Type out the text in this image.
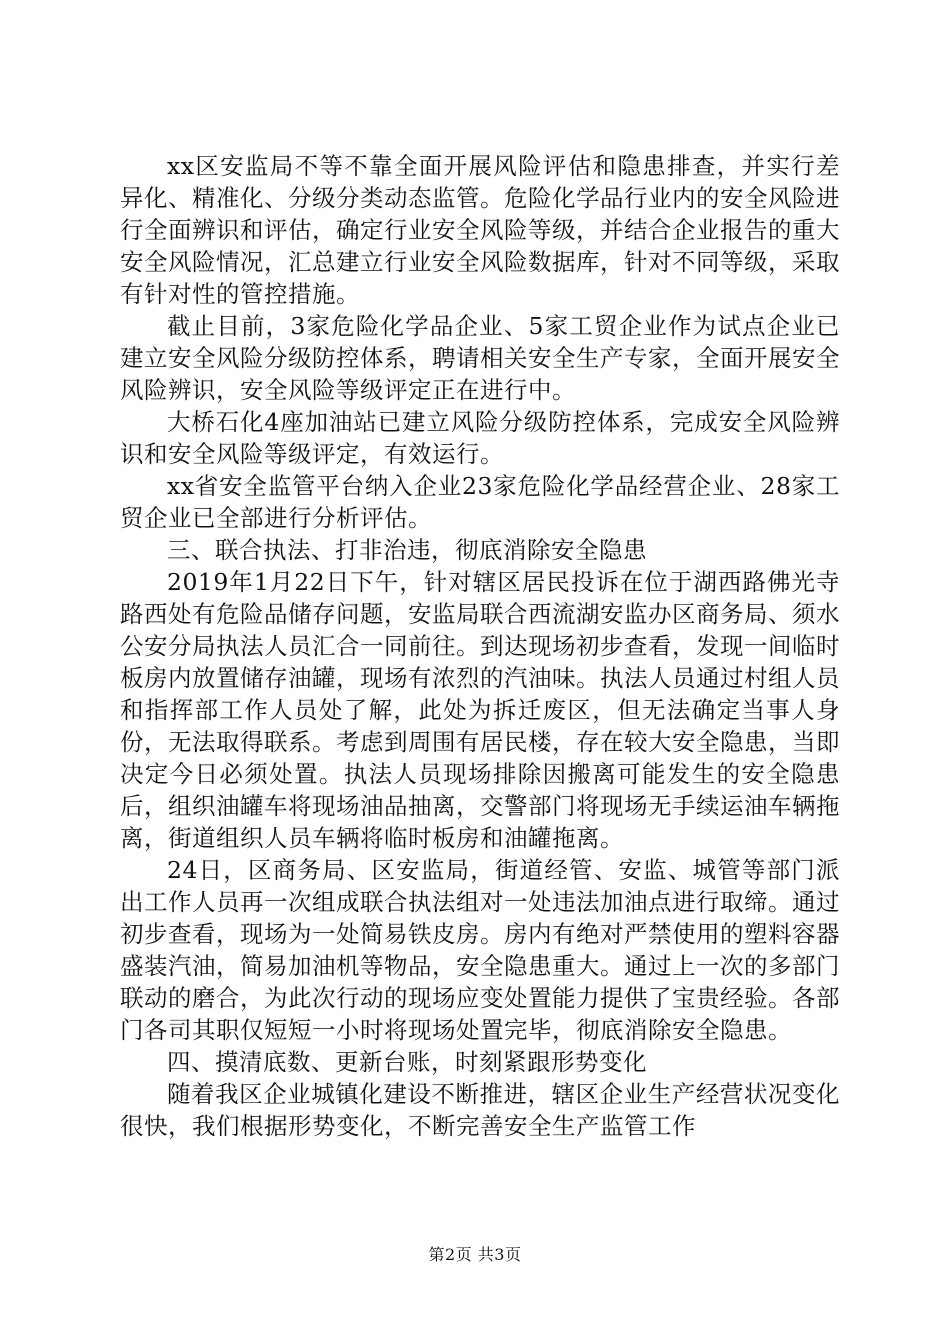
xx区安监局不等不靠全面开展风险评估和隐患排查，并实行差异化、精准化、分级分类动态监管。危险化学品行业内的安全风险进行全面辨识和评估，确定行业安全风险等级，并结合企业报告的重大安全风险情况，汇总建立行业安全风险数据库，针对不同等级，采取有针对性的管控措施。

截止目前，3家危险化学品企业、5家工贸企业作为试点企业已建立安全风险分级防控体系，聘请相关安全生产专家，全面开展安全风险辨识，安全风险等级评定正在进行中。

大桥石化4座加油站已建立风险分级防控体系，完成安全风险辨识和安全风险等级评定，有效运行。

xx省安全监管平台纳入企业23家危险化学品经营企业、28家工贸企业已全部进行分析评估。

三、联合执法、打非治违，彻底消除安全隐患

2019年1月22日下午，针对辖区居民投诉在位于湖西路佛光寺路西处有危险品储存问题，安监局联合西流湖安监办区商务局、须水公安分局执法人员汇合一同前往。到达现场初步查看，发现一间临时板房内放置储存油罐，现场有浓烈的汽油味。执法人员通过村组人员和指挥部工作人员处了解，此处为拆迁废区，但无法确定当事人身份，无法取得联系。考虑到周围有居民楼，存在较大安全隐患，当即决定今日必须处置。执法人员现场排除因搬离可能发生的安全隐患后，组织油罐车将现场油品抽离，交警部门将现场无手续运油车辆拖离，街道组织人员车辆将临时板房和油罐拖离。

24日，区商务局、区安监局，街道经管、安监、城管等部门派出工作人员再一次组成联合执法组对一处违法加油点进行取缔。通过初步查看，现场为一处简易铁皮房。房内有绝对严禁使用的塑料容器盛装汽油，简易加油机等物品，安全隐患重大。通过上一次的多部门联动的磨合，为此次行动的现场应变处置能力提供了宝贵经验。各部门各司其职仅短短一小时将现场处置完毕，彻底消除安全隐患。

四、摸清底数、更新台账，时刻紧跟形势变化

随着我区企业城镇化建设不断推进，辖区企业生产经营状况变化很快，我们根据形势变化，不断完善安全生产监管工作

第2页 共3页
